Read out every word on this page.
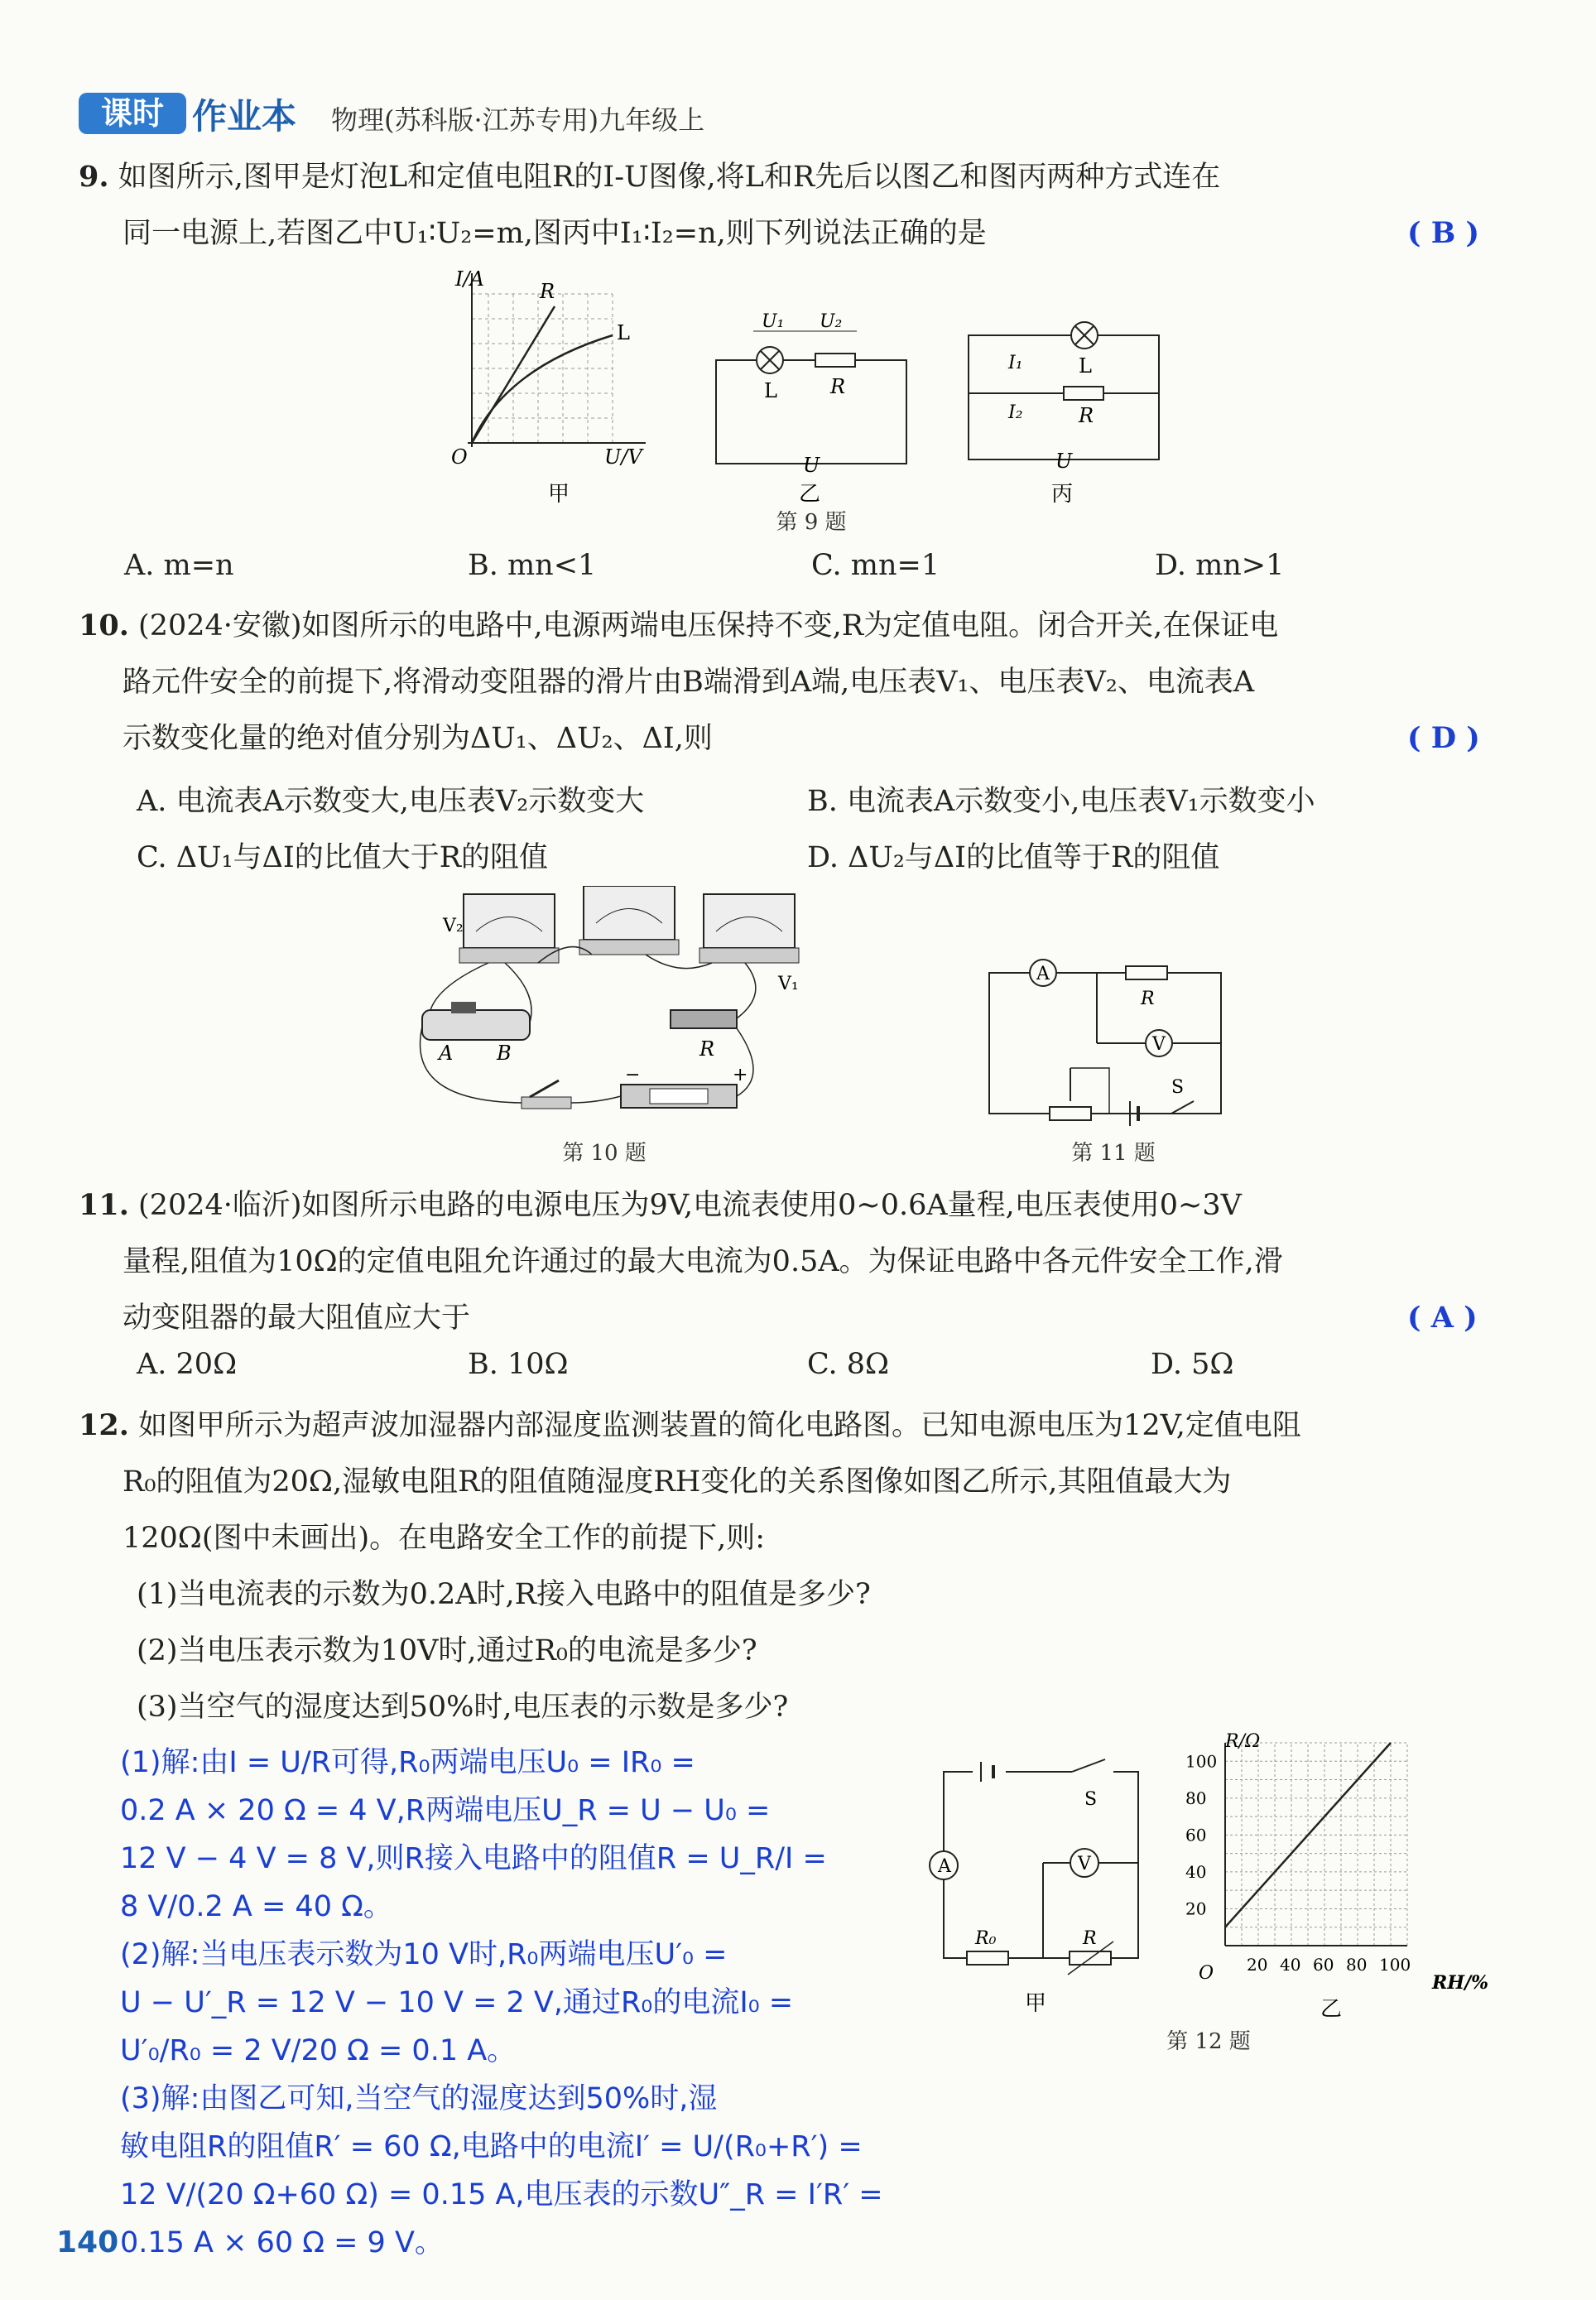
课时 作业本 物理(苏科版·江苏专用)九年级上
9. 如图所示,图甲是灯泡L和定值电阻R的I-U图像,将L和R先后以图乙和图丙两种方式连在
同一电源上,若图乙中U₁∶U₂=m,图丙中I₁∶I₂=n,则下列说法正确的是	( B )
I/A
U/V
O
R
L
甲
U₁ U₂
L	R
U
乙
I₁
I₂
L
R
U
丙
第 9 题
A. m=n	B. mn<1	C. mn=1	D. mn>1
10. (2024·安徽)如图所示的电路中,电源两端电压保持不变,R为定值电阻。闭合开关,在保证电
路元件安全的前提下,将滑动变阻器的滑片由B端滑到A端,电压表V₁、电压表V₂、电流表A
示数变化量的绝对值分别为ΔU₁、ΔU₂、ΔI,则	( D )
A. 电流表A示数变大,电压表V₂示数变大	B. 电流表A示数变小,电压表V₁示数变小
C. ΔU₁与ΔI的比值大于R的阻值	D. ΔU₂与ΔI的比值等于R的阻值
V₂
V₁
A B	R
+
−
第 10 题
A
V
R
S
第 11 题
11. (2024·临沂)如图所示电路的电源电压为9V,电流表使用0~0.6A量程,电压表使用0~3V
量程,阻值为10Ω的定值电阻允许通过的最大电流为0.5A。为保证电路中各元件安全工作,滑
动变阻器的最大阻值应大于	( A )
A. 20Ω	B. 10Ω	C. 8Ω	D. 5Ω
12. 如图甲所示为超声波加湿器内部湿度监测装置的简化电路图。已知电源电压为12V,定值电阻
R₀的阻值为20Ω,湿敏电阻R的阻值随湿度RH变化的关系图像如图乙所示,其阻值最大为
120Ω(图中未画出)。在电路安全工作的前提下,则:
(1)当电流表的示数为0.2A时,R接入电路中的阻值是多少?
(2)当电压表示数为10V时,通过R₀的电流是多少?
(3)当空气的湿度达到50%时,电压表的示数是多少?
(1)解:由I = U/R可得,R₀两端电压U₀ = IR₀ =
0.2 A × 20 Ω = 4 V,R两端电压U_R = U − U₀ =
12 V − 4 V = 8 V,则R接入电路中的阻值R = U_R/I =
8 V/0.2 A = 40 Ω。
(2)解:当电压表示数为10 V时,R₀两端电压U′₀ =
U − U′_R = 12 V − 10 V = 2 V,通过R₀的电流I₀ =
U′₀/R₀ = 2 V/20 Ω = 0.1 A。
(3)解:由图乙可知,当空气的湿度达到50%时,湿
敏电阻R的阻值R′ = 60 Ω,电路中的电流I′ = U/(R₀+R′) =
12 V/(20 Ω+60 Ω) = 0.15 A,电压表的示数U″_R = I′R′ =
0.15 A × 60 Ω = 9 V。
A	V
S
R₀	R
甲
20 40 60 80 100
20
40
60
80
100
R/Ω
RH/%
O
乙
第 12 题
140
